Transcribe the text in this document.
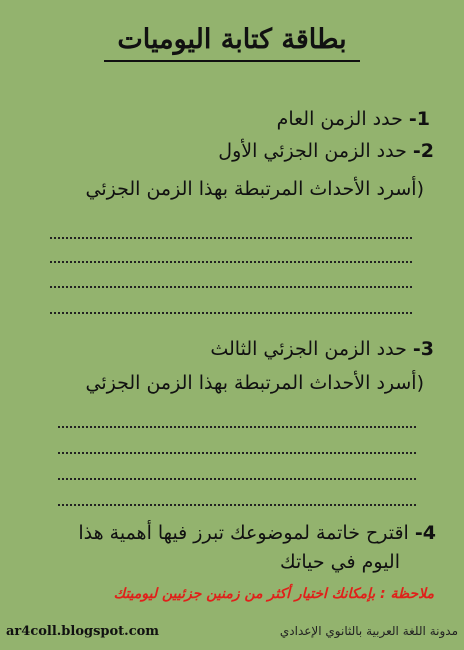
بطاقة كتابة اليوميات
1- حدد الزمن العام
2- حدد الزمن الجزئي الأول
(أسرد الأحداث المرتبطة بهذا الزمن الجزئي
3- حدد الزمن الجزئي الثالث
(أسرد الأحداث المرتبطة بهذا الزمن الجزئي
4- اقترح خاتمة لموضوعك تبرز فيها أهمية هذا
اليوم في حياتك
ملاحظة : بإمكانك اختيار أكثر من زمنين جزئيين ليوميتك
ar4coll.blogspot.com	مدونة اللغة العربية بالثانوي الإعدادي
